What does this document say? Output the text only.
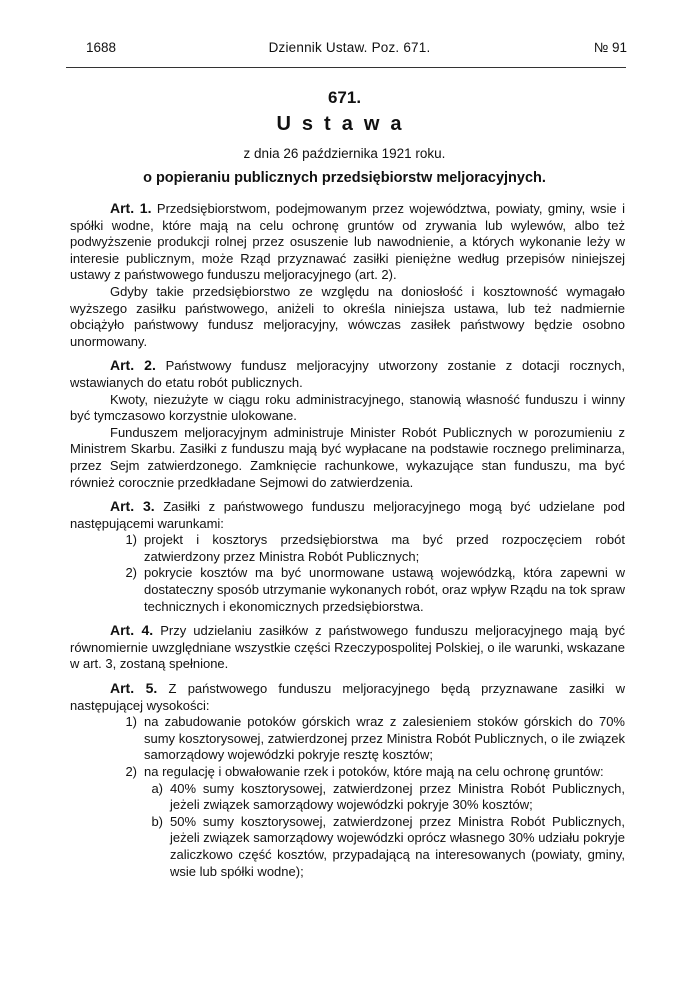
1688	Dziennik Ustaw. Poz. 671.	№ 91
671.
Ustawa
z dnia 26 października 1921 roku.
o popieraniu publicznych przedsiębiorstw meljoracyjnych.

Art. 1. Przedsiębiorstwom, podejmowanym przez województwa, powiaty, gminy, wsie i spółki wodne, które mają na celu ochronę gruntów od zrywania lub wylewów, albo też podwyższenie produkcji rolnej przez osuszenie lub nawodnienie, a których wykonanie leży w interesie publicznym, może Rząd przyznawać zasiłki pieniężne według przepisów niniejszej ustawy z państwowego funduszu meljoracyjnego (art. 2).

Gdyby takie przedsiębiorstwo ze względu na doniosłość i kosztowność wymagało wyższego zasiłku państwowego, aniżeli to określa niniejsza ustawa, lub też nadmiernie obciążyło państwowy fundusz meljoracyjny, wówczas zasiłek państwowy będzie osobno unormowany.

Art. 2. Państwowy fundusz meljoracyjny utworzony zostanie z dotacji rocznych, wstawianych do etatu robót publicznych.

Kwoty, niezużyte w ciągu roku administracyjnego, stanowią własność funduszu i winny być tymczasowo korzystnie ulokowane.

Funduszem meljoracyjnym administruje Minister Robót Publicznych w porozumieniu z Ministrem Skarbu. Zasiłki z funduszu mają być wypłacane na podstawie rocznego preliminarza, przez Sejm zatwierdzonego. Zamknięcie rachunkowe, wykazujące stan funduszu, ma być również corocznie przedkładane Sejmowi do zatwierdzenia.

Art. 3. Zasiłki z państwowego funduszu meljoracyjnego mogą być udzielane pod następującemi warunkami:

1) projekt i kosztorys przedsiębiorstwa ma być przed rozpoczęciem robót zatwierdzony przez Ministra Robót Publicznych;
2) pokrycie kosztów ma być unormowane ustawą wojewódzką, która zapewni w dostateczny sposób utrzymanie wykonanych robót, oraz wpływ Rządu na tok spraw technicznych i ekonomicznych przedsiębiorstwa.

Art. 4. Przy udzielaniu zasiłków z państwowego funduszu meljoracyjnego mają być równomiernie uwzględniane wszystkie części Rzeczypospolitej Polskiej, o ile warunki, wskazane w art. 3, zostaną spełnione.

Art. 5. Z państwowego funduszu meljoracyjnego będą przyznawane zasiłki w następującej wysokości:

1) na zabudowanie potoków górskich wraz z zalesieniem stoków górskich do 70% sumy kosztorysowej, zatwierdzonej przez Ministra Robót Publicznych, o ile związek samorządowy wojewódzki pokryje resztę kosztów;
2) na regulację i obwałowanie rzek i potoków, które mają na celu ochronę gruntów:
a) 40% sumy kosztorysowej, zatwierdzonej przez Ministra Robót Publicznych, jeżeli związek samorządowy wojewódzki pokryje 30% kosztów;
b) 50% sumy kosztorysowej, zatwierdzonej przez Ministra Robót Publicznych, jeżeli związek samorządowy wojewódzki oprócz własnego 30% udziału pokryje zaliczkowo część kosztów, przypadającą na interesowanych (powiaty, gminy, wsie lub spółki wodne);
